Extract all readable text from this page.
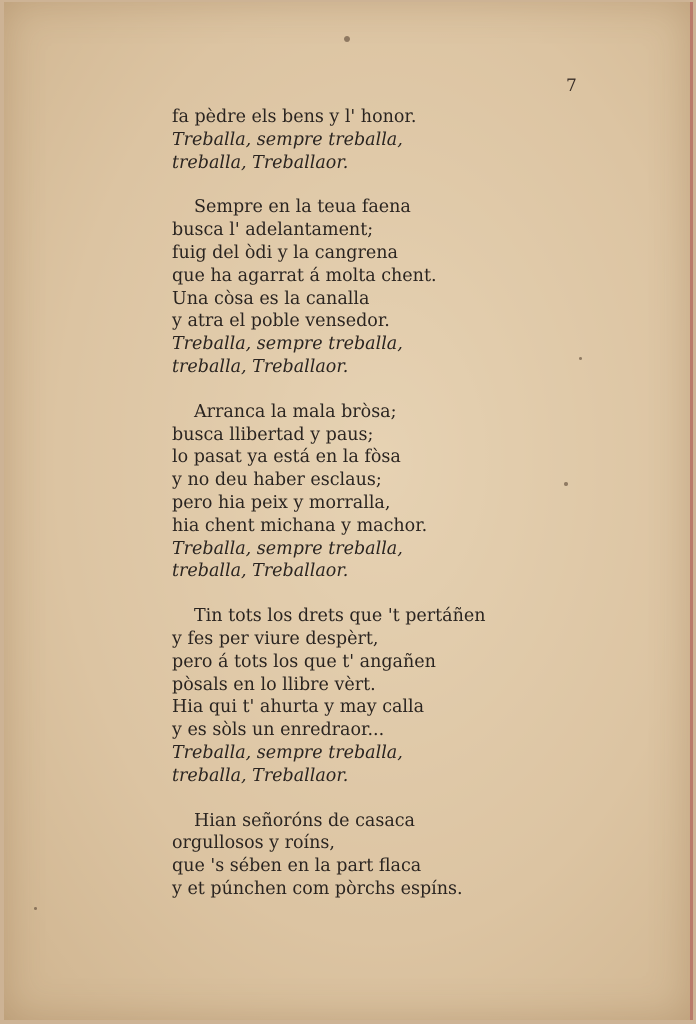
7
fa pèdre els bens y l' honor.
Treballa, sempre treballa,
treballa, Treballaor.
Sempre en la teua faena
busca l' adelantament;
fuig del òdi y la cangrena
que ha agarrat á molta chent.
Una còsa es la canalla
y atra el poble vensedor.
Treballa, sempre treballa,
treballa, Treballaor.
Arranca la mala bròsa;
busca llibertad y paus;
lo pasat ya está en la fòsa
y no deu haber esclaus;
pero hia peix y morralla,
hia chent michana y machor.
Treballa, sempre treballa,
treballa, Treballaor.
Tin tots los drets que 't pertáñen
y fes per viure despèrt,
pero á tots los que t' angañen
pòsals en lo llibre vèrt.
Hia qui t' ahurta y may calla
y es sòls un enredraor...
Treballa, sempre treballa,
treballa, Treballaor.
Hian señoróns de casaca
orgullosos y roíns,
que 's sében en la part flaca
y et púnchen com pòrchs espíns.
